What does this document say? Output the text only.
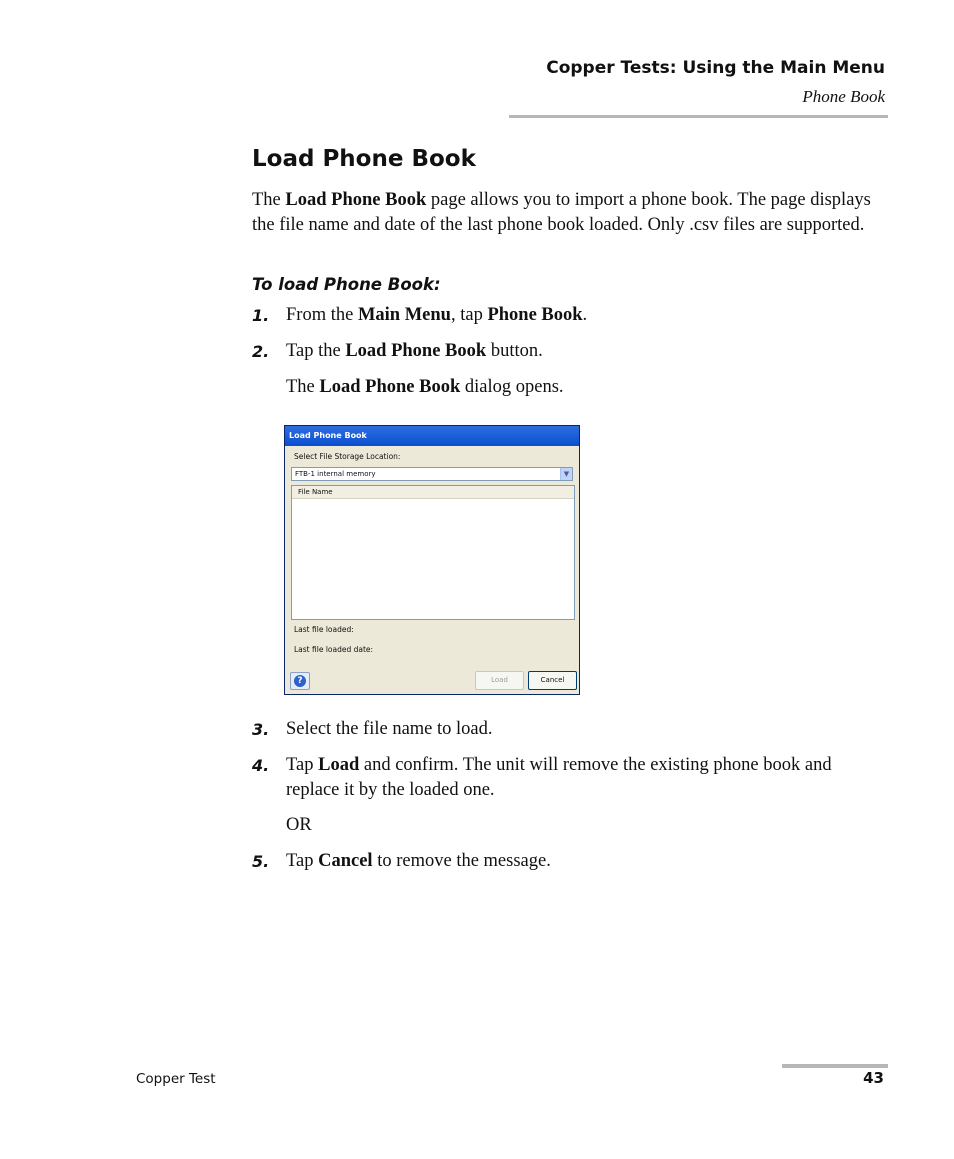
Copper Tests: Using the Main Menu
Phone Book
Load Phone Book

The Load Phone Book page allows you to import a phone book. The page displays the file name and date of the last phone book loaded. Only .csv files are supported.

To load Phone Book:

1. From the Main Menu, tap Phone Book.
2. Tap the Load Phone Book button.
The Load Phone Book dialog opens.
Load Phone Book
Select File Storage Location:
FTB-1 internal memory	▼
File Name
Last file loaded:
Last file loaded date:
?	Load	Cancel
3. Select the file name to load.
4. Tap Load and confirm. The unit will remove the existing phone book and replace it by the loaded one.
OR
5. Tap Cancel to remove the message.
Copper Test	43
